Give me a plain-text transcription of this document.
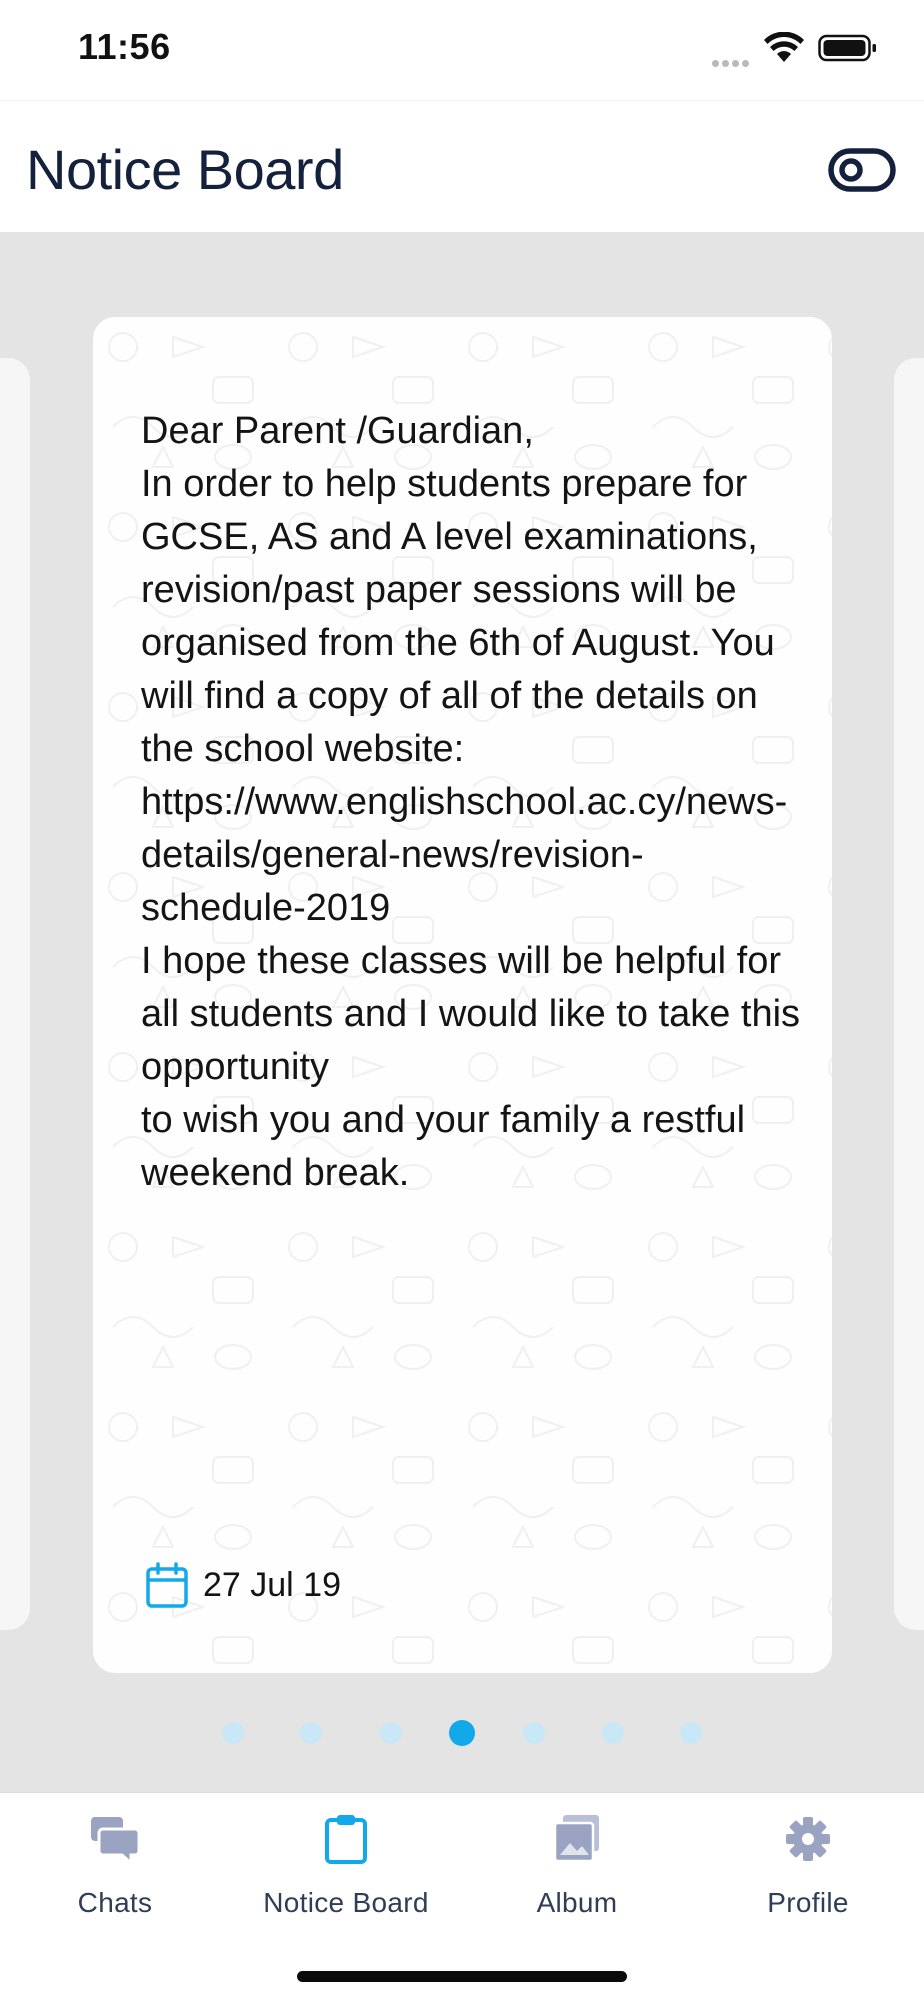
11:56
Notice Board
Dear Parent /Guardian,
In order to help students prepare for GCSE, AS and A level examinations, revision/past paper sessions will be organised from the 6th of August. You will find a copy of all of the details on the school website:
https://www.englishschool.ac.cy/news-details/general-news/revision-schedule-2019
I hope these classes will be helpful for all students and I would like to take this opportunity
to wish you and your family a restful weekend break.
27 Jul 19
Chats	Notice Board	Album	Profile
